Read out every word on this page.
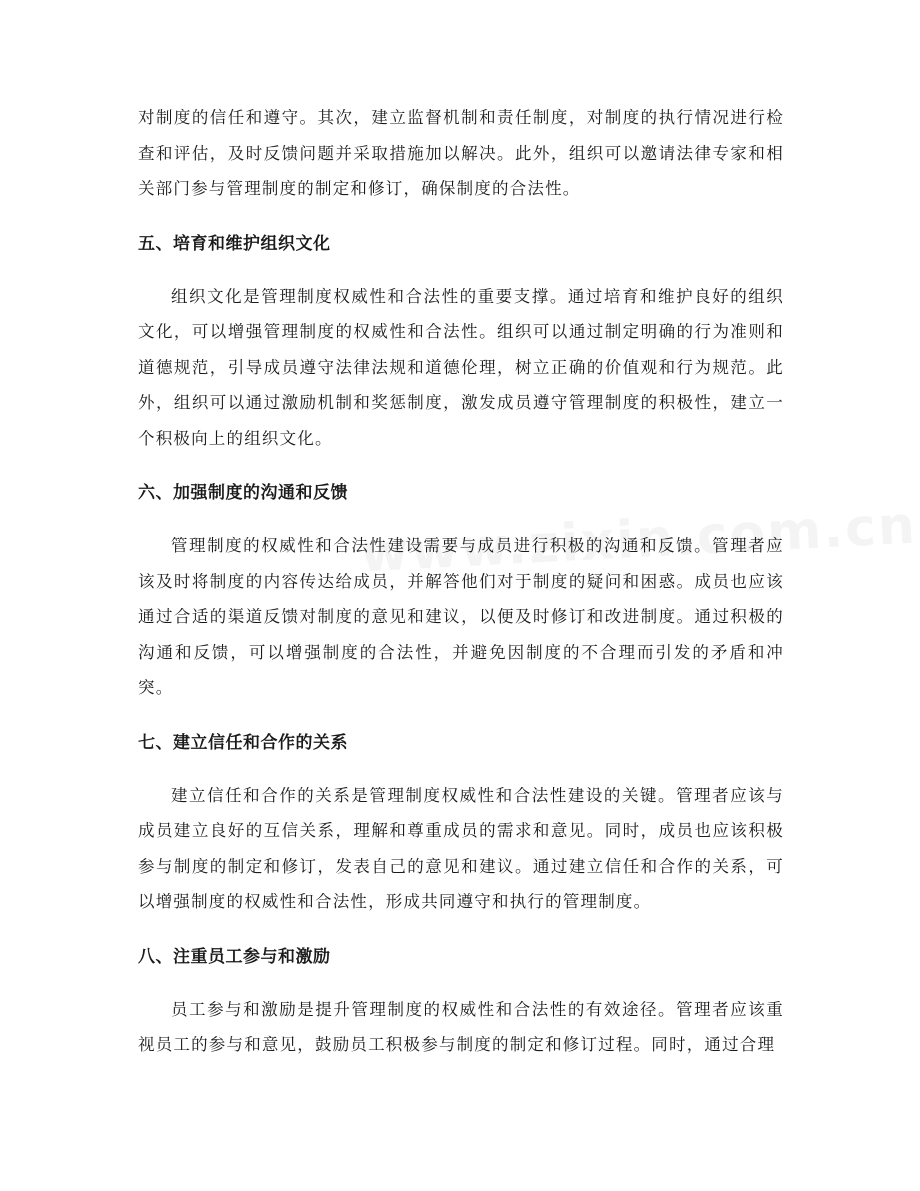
对制度的信任和遵守。其次，建立监督机制和责任制度，对制度的执行情况进行检查和评估，及时反馈问题并采取措施加以解决。此外，组织可以邀请法律专家和相关部门参与管理制度的制定和修订，确保制度的合法性。

五、培育和维护组织文化

组织文化是管理制度权威性和合法性的重要支撑。通过培育和维护良好的组织文化，可以增强管理制度的权威性和合法性。组织可以通过制定明确的行为准则和道德规范，引导成员遵守法律法规和道德伦理，树立正确的价值观和行为规范。此外，组织可以通过激励机制和奖惩制度，激发成员遵守管理制度的积极性，建立一个积极向上的组织文化。

六、加强制度的沟通和反馈

管理制度的权威性和合法性建设需要与成员进行积极的沟通和反馈。管理者应该及时将制度的内容传达给成员，并解答他们对于制度的疑问和困惑。成员也应该通过合适的渠道反馈对制度的意见和建议，以便及时修订和改进制度。通过积极的沟通和反馈，可以增强制度的合法性，并避免因制度的不合理而引发的矛盾和冲突。

七、建立信任和合作的关系

建立信任和合作的关系是管理制度权威性和合法性建设的关键。管理者应该与成员建立良好的互信关系，理解和尊重成员的需求和意见。同时，成员也应该积极参与制度的制定和修订，发表自己的意见和建议。通过建立信任和合作的关系，可以增强制度的权威性和合法性，形成共同遵守和执行的管理制度。

八、注重员工参与和激励

员工参与和激励是提升管理制度的权威性和合法性的有效途径。管理者应该重视员工的参与和意见，鼓励员工积极参与制度的制定和修订过程。同时，通过合理
